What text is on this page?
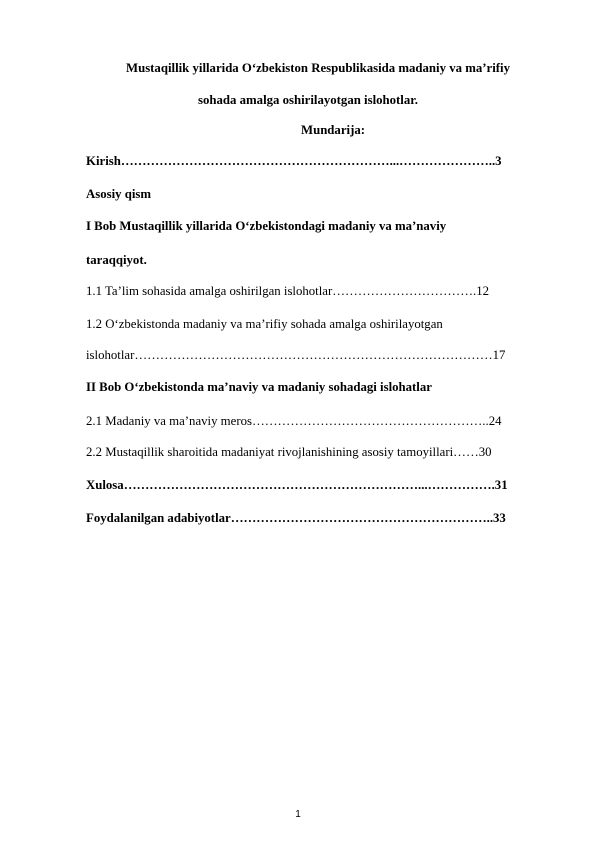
Mustaqillik yillarida O‘zbekiston Respublikasida madaniy va ma’rifiy
sohada amalga oshirilayotgan islohotlar.
Mundarija:
Kirish………………………………………………………...…………………..3
Asosiy qism
I Bob Mustaqillik yillarida O‘zbekistondagi madaniy va ma’naviy
taraqqiyot.
1.1 Ta’lim sohasida amalga oshirilgan islohotlar…………………………….12
1.2 O‘zbekistonda madaniy va ma’rifiy sohada amalga oshirilayotgan
islohotlar…………………………………………………………………………17
II Bob O‘zbekistonda ma’naviy va madaniy sohadagi islohatlar
2.1 Madaniy va ma’naviy meros………………………………………………..24
2.2 Mustaqillik sharoitida madaniyat rivojlanishining asosiy tamoyillari……30
Xulosa……………………………………………………………...…………….31
Foydalanilgan adabiyotlar……………………………………………………..33
1
